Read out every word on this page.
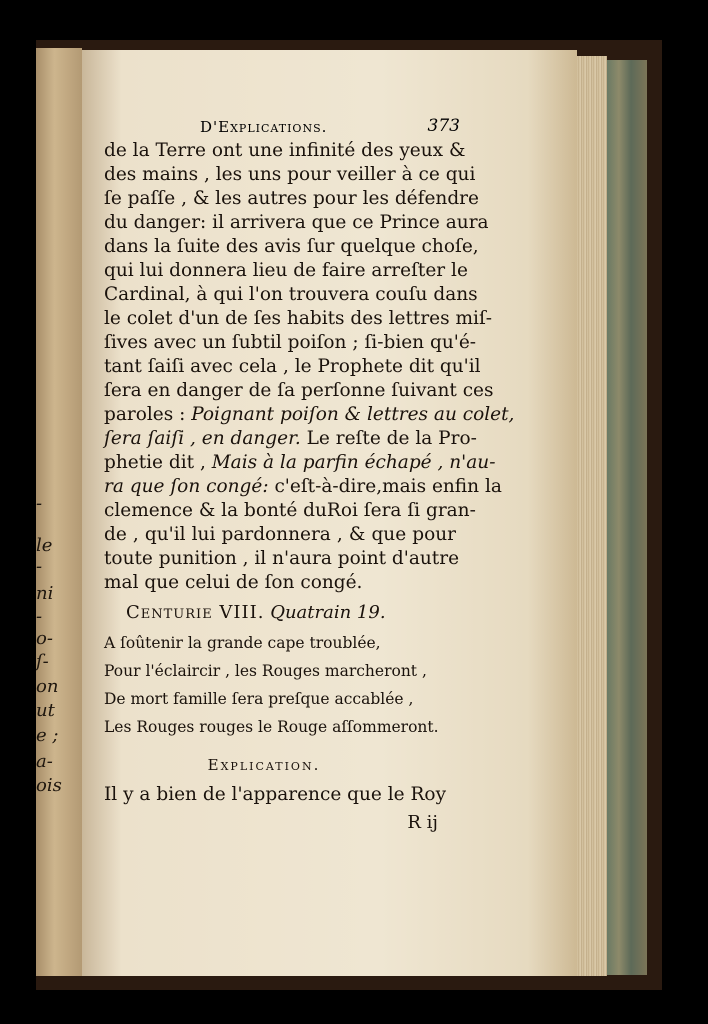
-
le
-
ni
-
o-
ſ-
on
ut
e ;
a-
ois
D'Explications.	373
de la Terre ont une infinité des yeux &
des mains , les uns pour veiller à ce qui
ſe paſſe , & les autres pour les défendre
du danger: il arrivera que ce Prince aura
dans la ſuite des avis ſur quelque choſe,
qui lui donnera lieu de faire arreſter le
Cardinal, à qui l'on trouvera couſu dans
le colet d'un de ſes habits des lettres miſ-
ſives avec un ſubtil poiſon ; ſi-bien qu'é-
tant ſaiſi avec cela , le Prophete dit qu'il
ſera en danger de ſa perſonne ſuivant ces
paroles : Poignant poiſon & lettres au colet,
ſera ſaiſi , en danger. Le reſte de la Pro-
phetie dit , Mais à la parfin échapé , n'au-
ra que ſon congé: c'eſt-à-dire,mais enfin la
clemence & la bonté duRoi ſera ſi gran-
de , qu'il lui pardonnera , & que pour
toute punition , il n'aura point d'autre
mal que celui de ſon congé.
Centurie VIII. Quatrain 19.
A ſoûtenir la grande cape troublée,
Pour l'éclaircir , les Rouges marcheront ,
De mort famille ſera preſque accablée ,
Les Rouges rouges le Rouge aſſommeront.
Explication.
Il y a bien de l'apparence que le Roy
R ij
